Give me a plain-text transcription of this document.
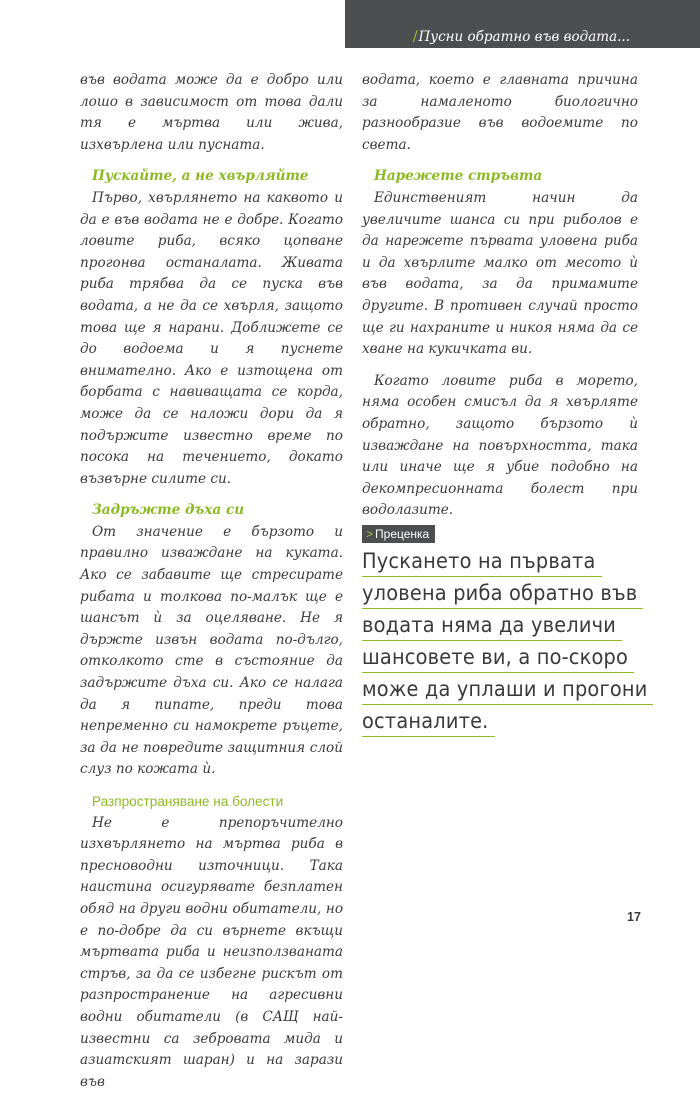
/Пусни обратно във водата...

във водата може да е добро или лошо в зависимост от това дали тя е мъртва или жива, изхвърлена или пусната.

Пускайте, а не хвърляйте

Първо, хвърлянето на каквото и да е във водата не е добре. Когато ловите риба, всяко цопване прогонва останалата. Живата риба трябва да се пуска във водата, а не да се хвърля, защото това ще я нарани. Доближете се до водоема и я пуснете внимателно. Ако е изтощена от борбата с навиващата се корда, може да се наложи дори да я подържите известно време по посока на течението, докато възвърне силите си.

Задръжте дъха си

От значение е бързото и правилно изваждане на куката. Ако се забавите ще стресирате рибата и толкова по-малък ще е шансът ѝ за оцеляване. Не я държте извън водата по-дълго, отколкото сте в състояние да задържите дъха си. Ако се налага да я пипате, преди това непременно си намокрете ръцете, за да не повредите защитния слой слуз по кожата ѝ.

Разпространяване на болести

Не е препоръчително изхвърлянето на мъртва риба в пресноводни източници. Така наистина осигурявате безплатен обяд на други водни обитатели, но е по-добре да си върнете вкъщи мъртвата риба и неизползваната стръв, за да се избегне рискът от разпространение на агресивни водни обитатели (в САЩ най-известни са зебровата мида и азиатският шаран) и на зарази във

водата, което е главната причина за намаленото биологично разнообразие във водоемите по света.

Нарежете стръвта

Единственият начин да увеличите шанса си при риболов е да нарежете първата уловена риба и да хвърлите малко от месото ѝ във водата, за да примамите другите. В противен случай просто ще ги нахраните и никоя няма да се хване на кукичката ви.

Когато ловите риба в морето, няма особен смисъл да я хвърляте обратно, защото бързото ѝ изваждане на повърхността, така или иначе ще я убие подобно на декомпресионната болест при водолазите.

> Преценка
Пускането на първата
уловена риба обратно във
водата няма да увеличи
шансовете ви, а по-скоро
може да уплаши и прогони
останалите.
17
